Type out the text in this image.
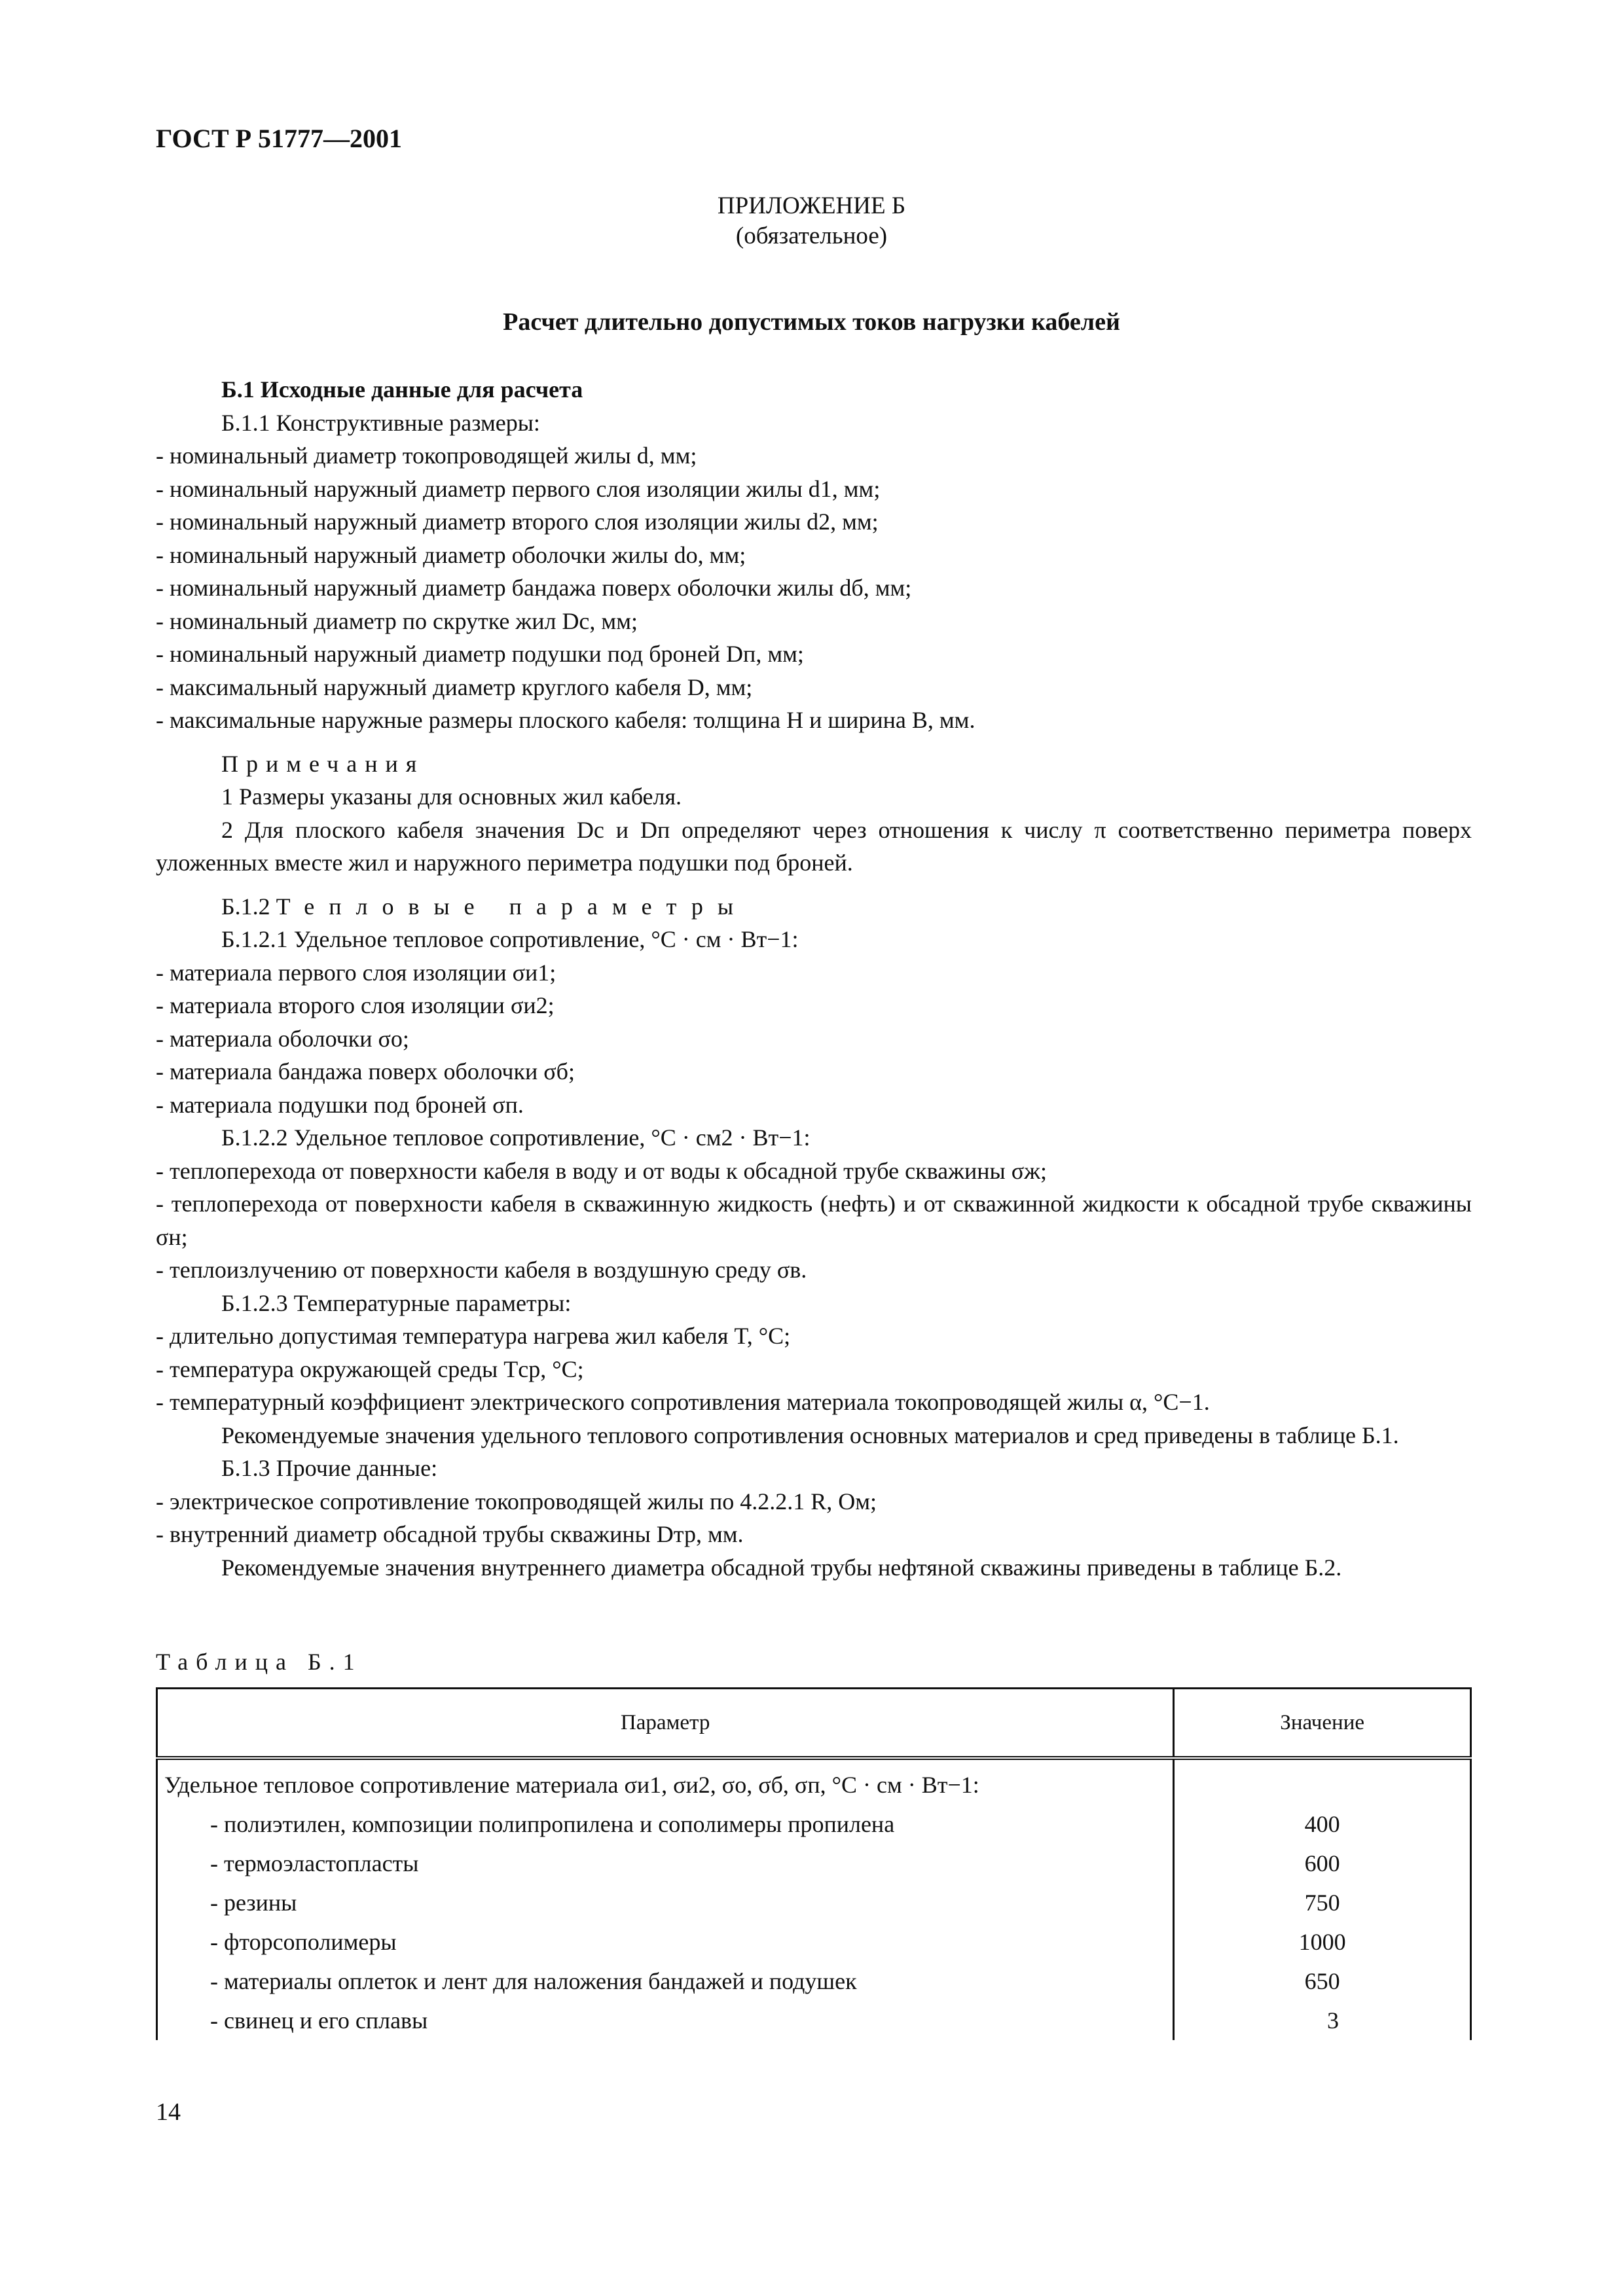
ГОСТ Р 51777—2001
ПРИЛОЖЕНИЕ Б
(обязательное)
Расчет длительно допустимых токов нагрузки кабелей
Б.1 Исходные данные для расчета
Б.1.1 Конструктивные размеры:
- номинальный диаметр токопроводящей жилы d, мм;
- номинальный наружный диаметр первого слоя изоляции жилы d1, мм;
- номинальный наружный диаметр второго слоя изоляции жилы d2, мм;
- номинальный наружный диаметр оболочки жилы dо, мм;
- номинальный наружный диаметр бандажа поверх оболочки жилы dб, мм;
- номинальный диаметр по скрутке жил Dс, мм;
- номинальный наружный диаметр подушки под броней Dп, мм;
- максимальный наружный диаметр круглого кабеля D, мм;
- максимальные наружные размеры плоского кабеля: толщина H и ширина B, мм.
Примечания
1 Размеры указаны для основных жил кабеля.
2 Для плоского кабеля значения Dс и Dп определяют через отношения к числу π соответственно периметра поверх уложенных вместе жил и наружного периметра подушки под броней.
Б.1.2 Тепловые параметры
Б.1.2.1 Удельное тепловое сопротивление, °С · см · Вт−1:
- материала первого слоя изоляции σи1;
- материала второго слоя изоляции σи2;
- материала оболочки σо;
- материала бандажа поверх оболочки σб;
- материала подушки под броней σп.
Б.1.2.2 Удельное тепловое сопротивление, °С · см2 · Вт−1:
- теплоперехода от поверхности кабеля в воду и от воды к обсадной трубе скважины σж;
- теплоперехода от поверхности кабеля в скважинную жидкость (нефть) и от скважинной жидкости к обсадной трубе скважины σн;
- теплоизлучению от поверхности кабеля в воздушную среду σв.
Б.1.2.3 Температурные параметры:
- длительно допустимая температура нагрева жил кабеля T, °С;
- температура окружающей среды Tср, °С;
- температурный коэффициент электрического сопротивления материала токопроводящей жилы α, °С−1.
Рекомендуемые значения удельного теплового сопротивления основных материалов и сред приведены в таблице Б.1.
Б.1.3 Прочие данные:
- электрическое сопротивление токопроводящей жилы по 4.2.2.1 R, Ом;
- внутренний диаметр обсадной трубы скважины Dтр, мм.
Рекомендуемые значения внутреннего диаметра обсадной трубы нефтяной скважины приведены в таблице Б.2.
Таблица Б.1
Параметр	Значение
Удельное тепловое сопротивление материала σи1, σи2, σо, σб, σп, °С · см · Вт−1:	
- полиэтилен, композиции полипропилена и сополимеры пропилена	400
- термоэластопласты	600
- резины	750
- фторсополимеры	1000
- материалы оплеток и лент для наложения бандажей и подушек	650
- свинец и его сплавы	3
14
